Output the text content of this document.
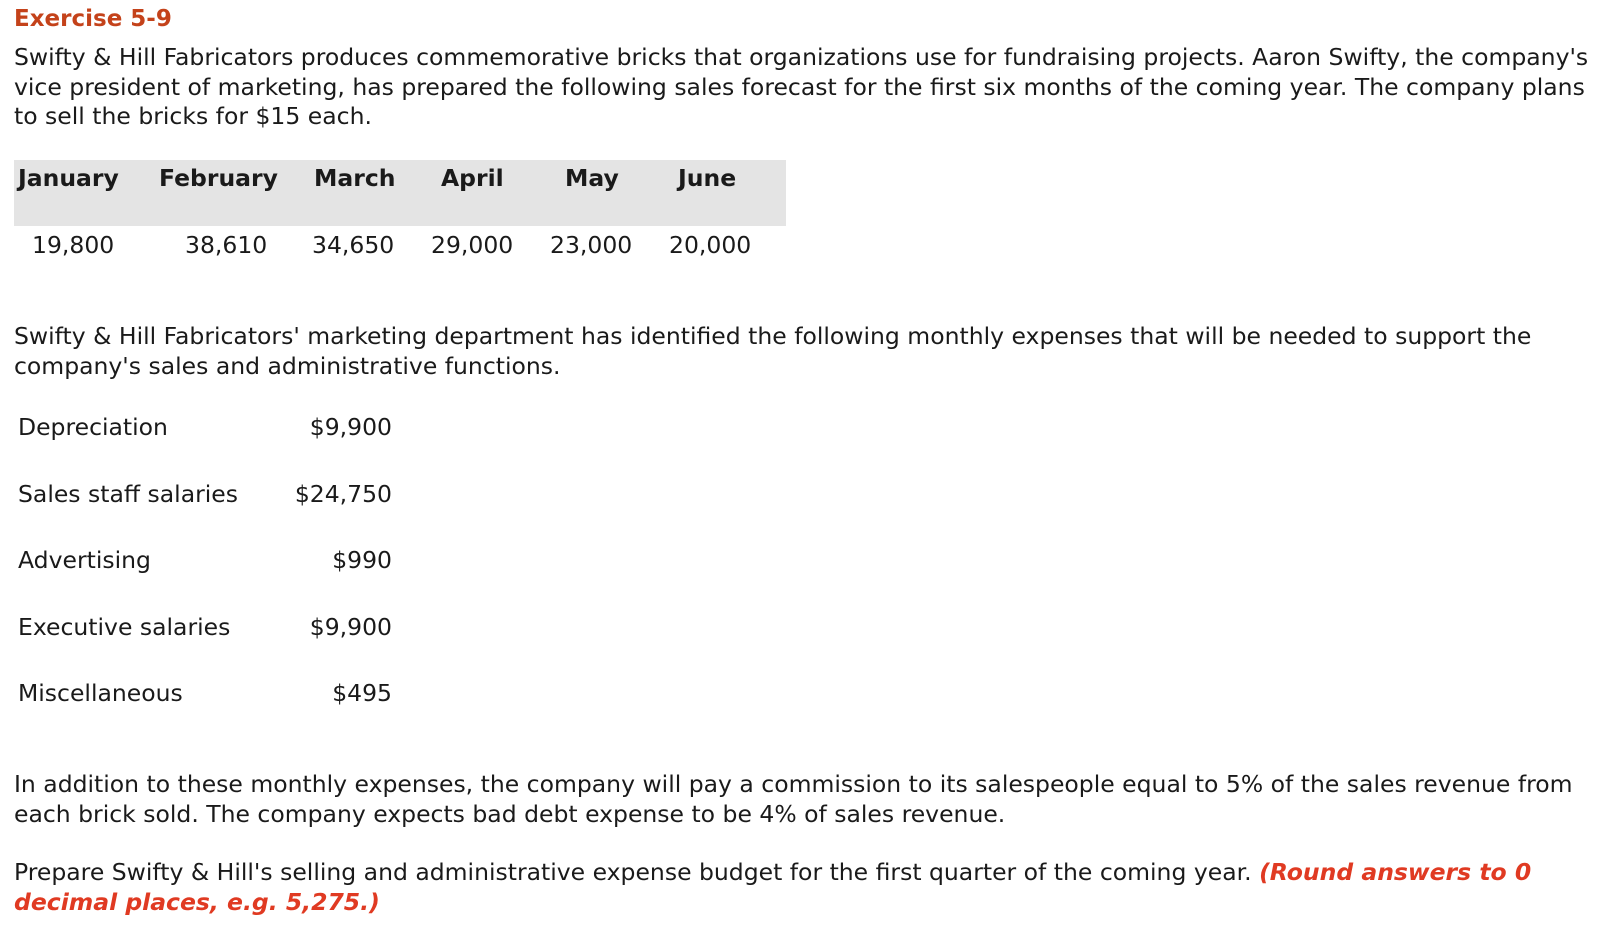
Exercise 5-9

Swifty & Hill Fabricators produces commemorative bricks that organizations use for fundraising projects. Aaron Swifty, the company's vice president of marketing, has prepared the following sales forecast for the first six months of the coming year. The company plans to sell the bricks for $15 each.

January February March April	May	June
19,800	38,610 34,650 29,000 23,000 20,000

Swifty & Hill Fabricators' marketing department has identified the following monthly expenses that will be needed to support the company's sales and administrative functions.

Depreciation	$9,900
Sales staff salaries $24,750
Advertising	$990
Executive salaries	$9,900
Miscellaneous	$495

In addition to these monthly expenses, the company will pay a commission to its salespeople equal to 5% of the sales revenue from each brick sold. The company expects bad debt expense to be 4% of sales revenue.

Prepare Swifty & Hill's selling and administrative expense budget for the first quarter of the coming year. (Round answers to 0 decimal places, e.g. 5,275.)
